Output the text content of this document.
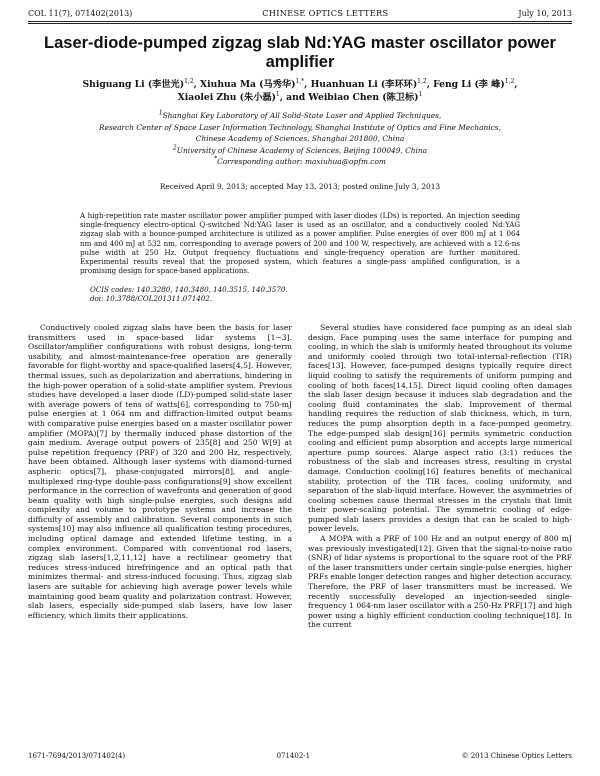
COL 11(7), 071402(2013)	CHINESE OPTICS LETTERS	July 10, 2013
Laser-diode-pumped zigzag slab Nd:YAG master oscillator power amplifier
Shiguang Li (李世光)$^{1,2}$, Xiuhua Ma (马秀华)$^{1,*}$, Huanhuan Li (李环环)$^{1,2}$, Feng Li (李 峰)$^{1,2}$,
Xiaolei Zhu (朱小磊)$^1$, and Weibiao Chen (陈卫标)$^1$
$^1$Shanghai Key Laboratory of All Solid-State Laser and Applied Techniques,
Research Center of Space Laser Information Technology, Shanghai Institute of Optics and Fine Mechanics,
Chinese Academy of Sciences, Shanghai 201800, China
$^2$University of Chinese Academy of Sciences, Beijing 100049, China
*Corresponding author: maxiuhua@opfm.com
Received April 9, 2013; accepted May 13, 2013; posted online July 3, 2013
A high-repetition rate master oscillator power amplifier pumped with laser diodes (LDs) is reported. An injection seeding single-frequency electro-optical Q-switched Nd:YAG laser is used as an oscillator, and a conductively cooled Nd:YAG zigzag slab with a bounce-pumped architecture is utilized as a power amplifier. Pulse energies of over 800 mJ at 1 064 nm and 400 mJ at 532 nm, corresponding to average powers of 200 and 100 W, respectively, are achieved with a 12.6-ns pulse width at 250 Hz. Output frequency fluctuations and single-frequency operation are further monitored. Experimental results reveal that the proposed system, which features a single-pass amplified configuration, is a promising design for space-based applications.
OCIS codes: 140.3280, 140.3480, 140.3515, 140.3570.
doi: 10.3788/COL201311.071402.

Conductively cooled zigzag slabs have been the basis for laser transmitters used in space-based lidar systems [1−3]. Oscillator/amplifier configurations with robust designs, long-term usability, and almost-maintenance-free operation are generally favorable for flight-worthy and space-qualified lasers[4,5]. However, thermal issues, such as depolarization and aberrations, hindering in the high-power operation of a solid-state amplifier system. Previous studies have developed a laser diode (LD)-pumped solid-state laser with average powers of tens of watts[6], corresponding to 750-mJ pulse energies at 1 064 nm and diffraction-limited output beams with comparative pulse energies based on a master oscillator power amplifier (MOPA)[7] by thermally induced phase distortion of the gain medium. Average output powers of 235[8] and 250 W[9] at pulse repetition frequency (PRF) of 320 and 200 Hz, respectively, have been obtained. Although laser systems with diamond-turned aspheric optics[7], phase-conjugated mirrors[8], and angle-multiplexed ring-type double-pass configurations[9] show excellent performance in the correction of wavefronts and generation of good beam quality with high single-pulse energies, such designs add complexity and volume to prototype systems and increase the difficulty of assembly and calibration. Several components in such systems[10] may also influence all qualification testing procedures, including optical damage and extended lifetime testing, in a complex environment. Compared with conventional rod lasers, zigzag slab lasers[1,2,11,12] have a rectilinear geometry that reduces stress-induced birefringence and an optical path that minimizes thermal- and stress-induced focusing. Thus, zigzag slab lasers are suitable for achieving high average power levels while maintaining good beam quality and polarization contrast. However, slab lasers, especially side-pumped slab lasers, have low laser efficiency, which limits their applications.

Several studies have considered face pumping as an ideal slab design. Face pumping uses the same interface for pumping and cooling, in which the slab is uniformly heated throughout its volume and uniformly cooled through two total-internal-reflection (TIR) faces[13]. However, face-pumped designs typically require direct liquid cooling to satisfy the requirements of uniform pumping and cooling of both faces[14,15]. Direct liquid cooling often damages the slab laser design because it induces slab degradation and the cooling fluid contaminates the slab. Improvement of thermal handling requires the reduction of slab thickness, which, in turn, reduces the pump absorption depth in a face-pumped geometry. The edge-pumped slab design[16] permits symmetric conduction cooling and efficient pump absorption and accepts large numerical aperture pump sources. Alarge aspect ratio (3:1) reduces the robustness of the slab and increases stress, resulting in crystal damage. Conduction cooling[16] features benefits of mechanical stability, protection of the TIR faces, cooling uniformity, and separation of the slab-liquid interface. However, the asymmetries of cooling schemes cause thermal stresses in the crystals that limit their power-scaling potential. The symmetric cooling of edge-pumped slab lasers provides a design that can be scaled to high-power levels.

A MOPA with a PRF of 100 Hz and an output energy of 800 mJ was previously investigated[12]. Given that the signal-to-noise ratio (SNR) of lidar systems is proportional to the square root of the PRF of the laser transmitters under certain single-pulse energies, higher PRFs enable longer detection ranges and higher detection accuracy. Therefore, the PRF of laser transmitters must be increased. We recently successfully developed an injection-seeded single-frequency 1 064-nm laser oscillator with a 250-Hz PRF[17] and high power using a highly efficient conduction cooling technique[18]. In the current

1671-7694/2013/071402(4)	071402-1	© 2013 Chinese Optics Letters
